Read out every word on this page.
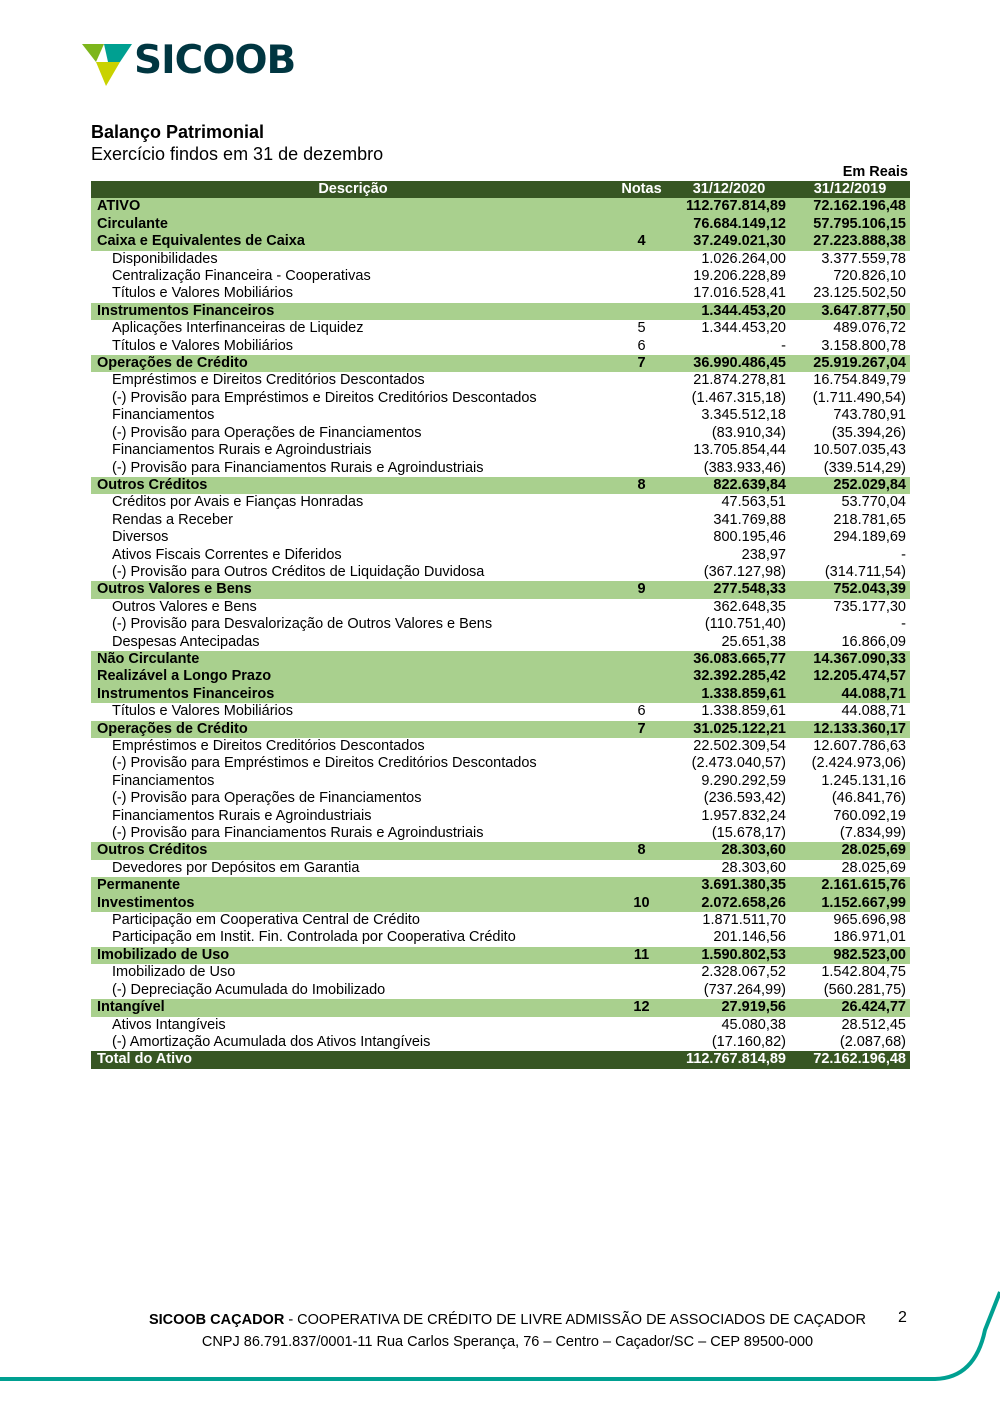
SICOOB
Balanço Patrimonial
Exercício findos em 31 de dezembro
Em Reais
Descrição	Notas	31/12/2020	31/12/2019
ATIVO		112.767.814,89	72.162.196,48
Circulante		76.684.149,12	57.795.106,15
Caixa e Equivalentes de Caixa	4	37.249.021,30	27.223.888,38
Disponibilidades		1.026.264,00	3.377.559,78
Centralização Financeira - Cooperativas		19.206.228,89	720.826,10
Títulos e Valores Mobiliários		17.016.528,41	23.125.502,50
Instrumentos Financeiros		1.344.453,20	3.647.877,50
Aplicações Interfinanceiras de Liquidez	5	1.344.453,20	489.076,72
Títulos e Valores Mobiliários	6	-	3.158.800,78
Operações de Crédito	7	36.990.486,45	25.919.267,04
Empréstimos e Direitos Creditórios Descontados		21.874.278,81	16.754.849,79
(-) Provisão para Empréstimos e Direitos Creditórios Descontados		(1.467.315,18)	(1.711.490,54)
Financiamentos		3.345.512,18	743.780,91
(-) Provisão para Operações de Financiamentos		(83.910,34)	(35.394,26)
Financiamentos Rurais e Agroindustriais		13.705.854,44	10.507.035,43
(-) Provisão para Financiamentos Rurais e Agroindustriais		(383.933,46)	(339.514,29)
Outros Créditos	8	822.639,84	252.029,84
Créditos por Avais e Fianças Honradas		47.563,51	53.770,04
Rendas a Receber		341.769,88	218.781,65
Diversos		800.195,46	294.189,69
Ativos Fiscais Correntes e Diferidos		238,97	-
(-) Provisão para Outros Créditos de Liquidação Duvidosa		(367.127,98)	(314.711,54)
Outros Valores e Bens	9	277.548,33	752.043,39
Outros Valores e Bens		362.648,35	735.177,30
(-) Provisão para Desvalorização de Outros Valores e Bens		(110.751,40)	-
Despesas Antecipadas		25.651,38	16.866,09
Não Circulante		36.083.665,77	14.367.090,33
Realizável a Longo Prazo		32.392.285,42	12.205.474,57
Instrumentos Financeiros		1.338.859,61	44.088,71
Títulos e Valores Mobiliários	6	1.338.859,61	44.088,71
Operações de Crédito	7	31.025.122,21	12.133.360,17
Empréstimos e Direitos Creditórios Descontados		22.502.309,54	12.607.786,63
(-) Provisão para Empréstimos e Direitos Creditórios Descontados		(2.473.040,57)	(2.424.973,06)
Financiamentos		9.290.292,59	1.245.131,16
(-) Provisão para Operações de Financiamentos		(236.593,42)	(46.841,76)
Financiamentos Rurais e Agroindustriais		1.957.832,24	760.092,19
(-) Provisão para Financiamentos Rurais e Agroindustriais		(15.678,17)	(7.834,99)
Outros Créditos	8	28.303,60	28.025,69
Devedores por Depósitos em Garantia		28.303,60	28.025,69
Permanente		3.691.380,35	2.161.615,76
Investimentos	10	2.072.658,26	1.152.667,99
Participação em Cooperativa Central de Crédito		1.871.511,70	965.696,98
Participação em Instit. Fin. Controlada por Cooperativa Crédito		201.146,56	186.971,01
Imobilizado de Uso	11	1.590.802,53	982.523,00
Imobilizado de Uso		2.328.067,52	1.542.804,75
(-) Depreciação Acumulada do Imobilizado		(737.264,99)	(560.281,75)
Intangível	12	27.919,56	26.424,77
Ativos Intangíveis		45.080,38	28.512,45
(-) Amortização Acumulada dos Ativos Intangíveis		(17.160,82)	(2.087,68)
Total do Ativo		112.767.814,89	72.162.196,48
SICOOB CAÇADOR - COOPERATIVA DE CRÉDITO DE LIVRE ADMISSÃO DE ASSOCIADOS DE CAÇADOR
CNPJ 86.791.837/0001-11 Rua Carlos Sperança, 76 – Centro – Caçador/SC – CEP 89500-000
2
